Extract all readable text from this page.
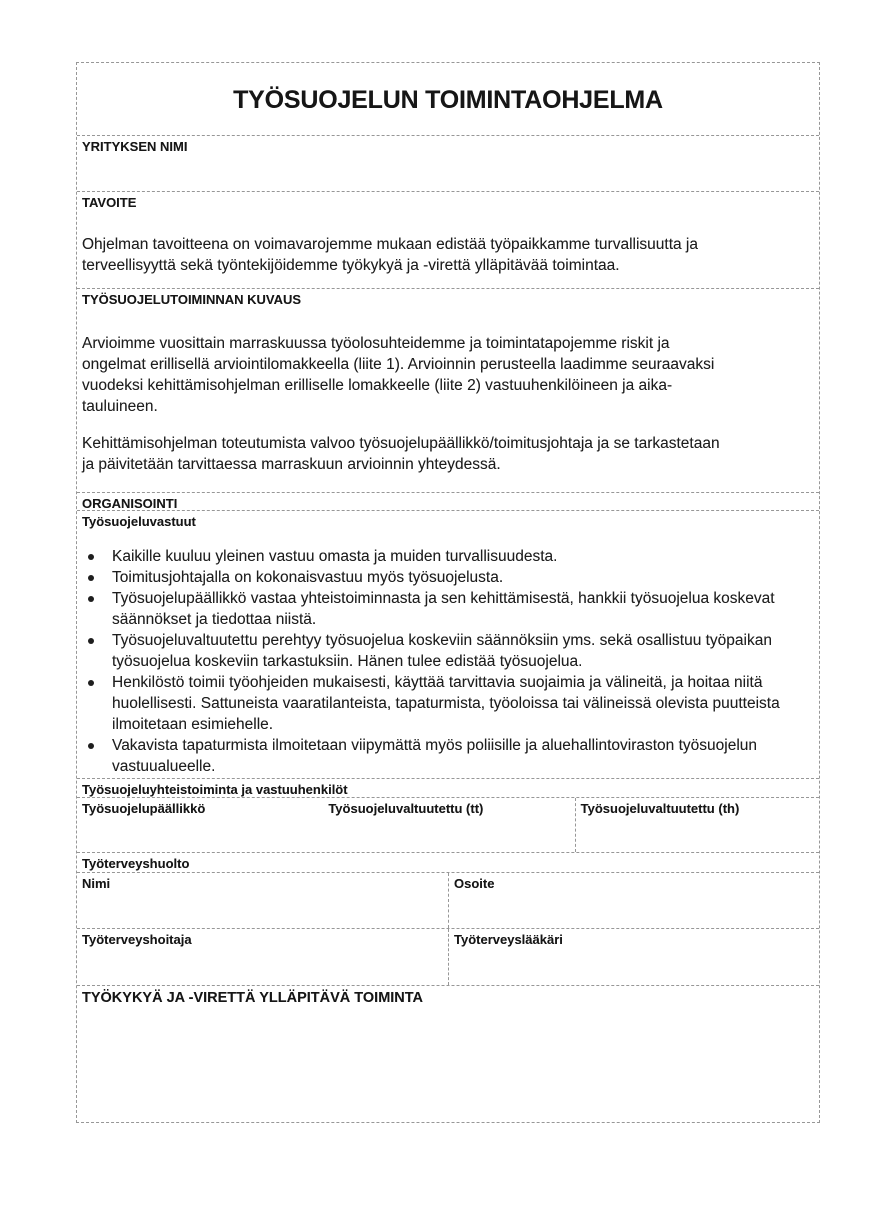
TYÖSUOJELUN TOIMINTAOHJELMA
YRITYKSEN NIMI
TAVOITE
Ohjelman tavoitteena on voimavarojemme mukaan edistää työpaikkamme turvallisuutta ja
terveellisyyttä sekä työntekijöidemme työkykyä ja -virettä ylläpitävää toimintaa.
TYÖSUOJELUTOIMINNAN KUVAUS
Arvioimme vuosittain marraskuussa työolosuhteidemme ja toimintatapojemme riskit ja
ongelmat erillisellä arviointilomakkeella (liite 1). Arvioinnin perusteella laadimme seuraavaksi
vuodeksi kehittämisohjelman erilliselle lomakkeelle (liite 2) vastuuhenkilöineen ja aika-
tauluineen.
Kehittämisohjelman toteutumista valvoo työsuojelupäällikkö/toimitusjohtaja ja se tarkastetaan
ja päivitetään tarvittaessa marraskuun arvioinnin yhteydessä.
ORGANISOINTI
Työsuojeluvastuut
Kaikille kuuluu yleinen vastuu omasta ja muiden turvallisuudesta.
Toimitusjohtajalla on kokonaisvastuu myös työsuojelusta.
Työsuojelupäällikkö vastaa yhteistoiminnasta ja sen kehittämisestä, hankkii työsuojelua koskevat säännökset ja tiedottaa niistä.
Työsuojeluvaltuutettu perehtyy työsuojelua koskeviin säännöksiin yms. sekä osallistuu työpaikan työsuojelua koskeviin tarkastuksiin. Hänen tulee edistää työsuojelua.
Henkilöstö toimii työohjeiden mukaisesti, käyttää tarvittavia suojaimia ja välineitä, ja hoitaa niitä huolellisesti. Sattuneista vaaratilanteista, tapaturmista, työoloissa tai välineissä olevista puutteista ilmoitetaan esimiehelle.
Vakavista tapaturmista ilmoitetaan viipymättä myös poliisille ja aluehallintoviraston työsuojelun vastuualueelle.
Työsuojeluyhteistoiminta ja vastuuhenkilöt
Työsuojelupäällikkö	Työsuojeluvaltuutettu (tt)	Työsuojeluvaltuutettu (th)
Työterveyshuolto
Nimi	Osoite
Työterveyshoitaja	Työterveyslääkäri
TYÖKYKYÄ JA -VIRETTÄ YLLÄPITÄVÄ TOIMINTA
